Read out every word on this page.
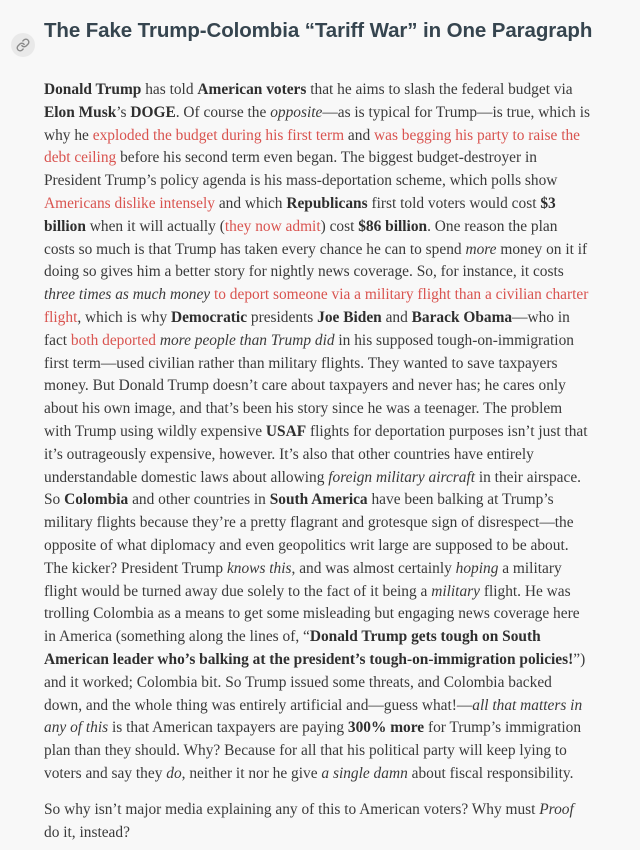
The Fake Trump-Colombia “Tariff War” in One Paragraph

Donald Trump has told American voters that he aims to slash the federal budget via Elon Musk’s DOGE. Of course the opposite—as is typical for Trump—is true, which is why he exploded the budget during his first term and was begging his party to raise the debt ceiling before his second term even began. The biggest budget-destroyer in President Trump’s policy agenda is his mass-deportation scheme, which polls show Americans dislike intensely and which Republicans first told voters would cost $3 billion when it will actually (they now admit) cost $86 billion. One reason the plan costs so much is that Trump has taken every chance he can to spend more money on it if doing so gives him a better story for nightly news coverage. So, for instance, it costs three times as much money to deport someone via a military flight than a civilian charter flight, which is why Democratic presidents Joe Biden and Barack Obama—who in fact both deported more people than Trump did in his supposed tough-on-immigration first term—used civilian rather than military flights. They wanted to save taxpayers money. But Donald Trump doesn’t care about taxpayers and never has; he cares only about his own image, and that’s been his story since he was a teenager. The problem with Trump using wildly expensive USAF flights for deportation purposes isn’t just that it’s outrageously expensive, however. It’s also that other countries have entirely understandable domestic laws about allowing foreign military aircraft in their airspace. So Colombia and other countries in South America have been balking at Trump’s military flights because they’re a pretty flagrant and grotesque sign of disrespect—the opposite of what diplomacy and even geopolitics writ large are supposed to be about. The kicker? President Trump knows this, and was almost certainly hoping a military flight would be turned away due solely to the fact of it being a military flight. He was trolling Colombia as a means to get some misleading but engaging news coverage here in America (something along the lines of, “Donald Trump gets tough on South American leader who’s balking at the president’s tough-on-immigration policies!”) and it worked; Colombia bit. So Trump issued some threats, and Colombia backed down, and the whole thing was entirely artificial and—guess what!—all that matters in any of this is that American taxpayers are paying 300% more for Trump’s immigration plan than they should. Why? Because for all that his political party will keep lying to voters and say they do, neither it nor he give a single damn about fiscal responsibility.

So why isn’t major media explaining any of this to American voters? Why must Proof do it, instead?
